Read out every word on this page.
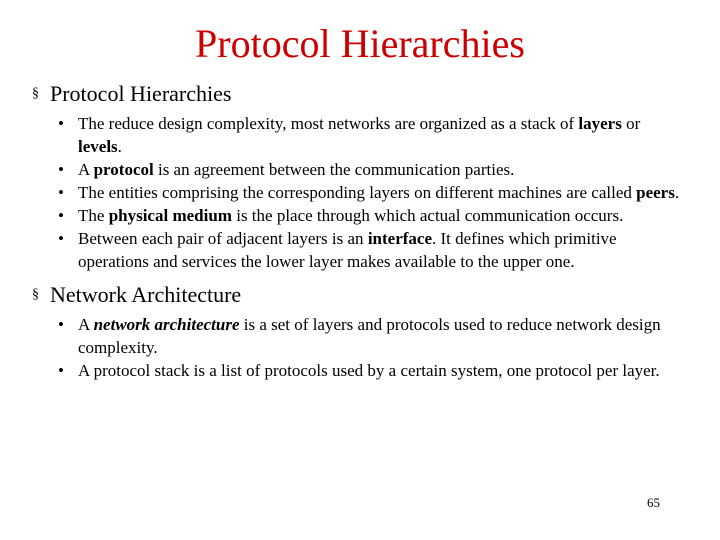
Protocol Hierarchies
§ Protocol Hierarchies
• The reduce design complexity, most networks are organized as a stack of layers or levels.
• A protocol is an agreement between the communication parties.
• The entities comprising the corresponding layers on different machines are called peers.
• The physical medium is the place through which actual communication occurs.
• Between each pair of adjacent layers is an interface. It defines which primitive operations and services the lower layer makes available to the upper one.
§ Network Architecture
• A network architecture is a set of layers and protocols used to reduce network design complexity.
• A protocol stack is a list of protocols used by a certain system, one protocol per layer.
65
